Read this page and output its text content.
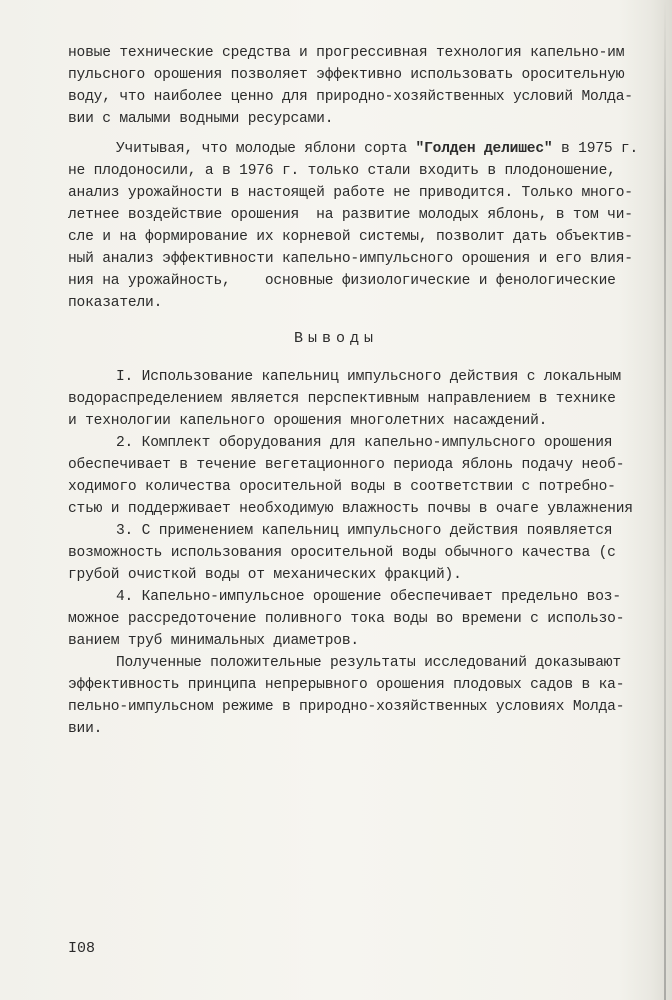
новые технические средства и прогрессивная технология капельно-им
пульсного орошения позволяет эффективно использовать оросительную
воду, что наиболее ценно для природно-хозяйственных условий Молда-
вии с малыми водными ресурсами.
Учитывая, что молодые яблони сорта "Голден делишес" в 1975 г.
не плодоносили, а в 1976 г. только стали входить в плодоношение,
анализ урожайности в настоящей работе не приводится. Только много-
летнее воздействие орошения  на развитие молодых яблонь, в том чи-
сле и на формирование их корневой системы, позволит дать объектив-
ный анализ эффективности капельно-импульсного орошения и его влия-
ния на урожайность,    основные физиологические и фенологические
показатели.
Выводы
I. Использование капельниц импульсного действия с локальным
водораспределением является перспективным направлением в технике
и технологии капельного орошения многолетних насаждений.
2. Комплект оборудования для капельно-импульсного орошения
обеспечивает в течение вегетационного периода яблонь подачу необ-
ходимого количества оросительной воды в соответствии с потребно-
стью и поддерживает необходимую влажность почвы в очаге увлажнения
3. С применением капельниц импульсного действия появляется
возможность использования оросительной воды обычного качества (с
грубой очисткой воды от механических фракций).
4. Капельно-импульсное орошение обеспечивает предельно воз-
можное рассредоточение поливного тока воды во времени с использо-
ванием труб минимальных диаметров.
Полученные положительные результаты исследований доказывают
эффективность принципа непрерывного орошения плодовых садов в ка-
пельно-импульсном режиме в природно-хозяйственных условиях Молда-
вии.
I08
